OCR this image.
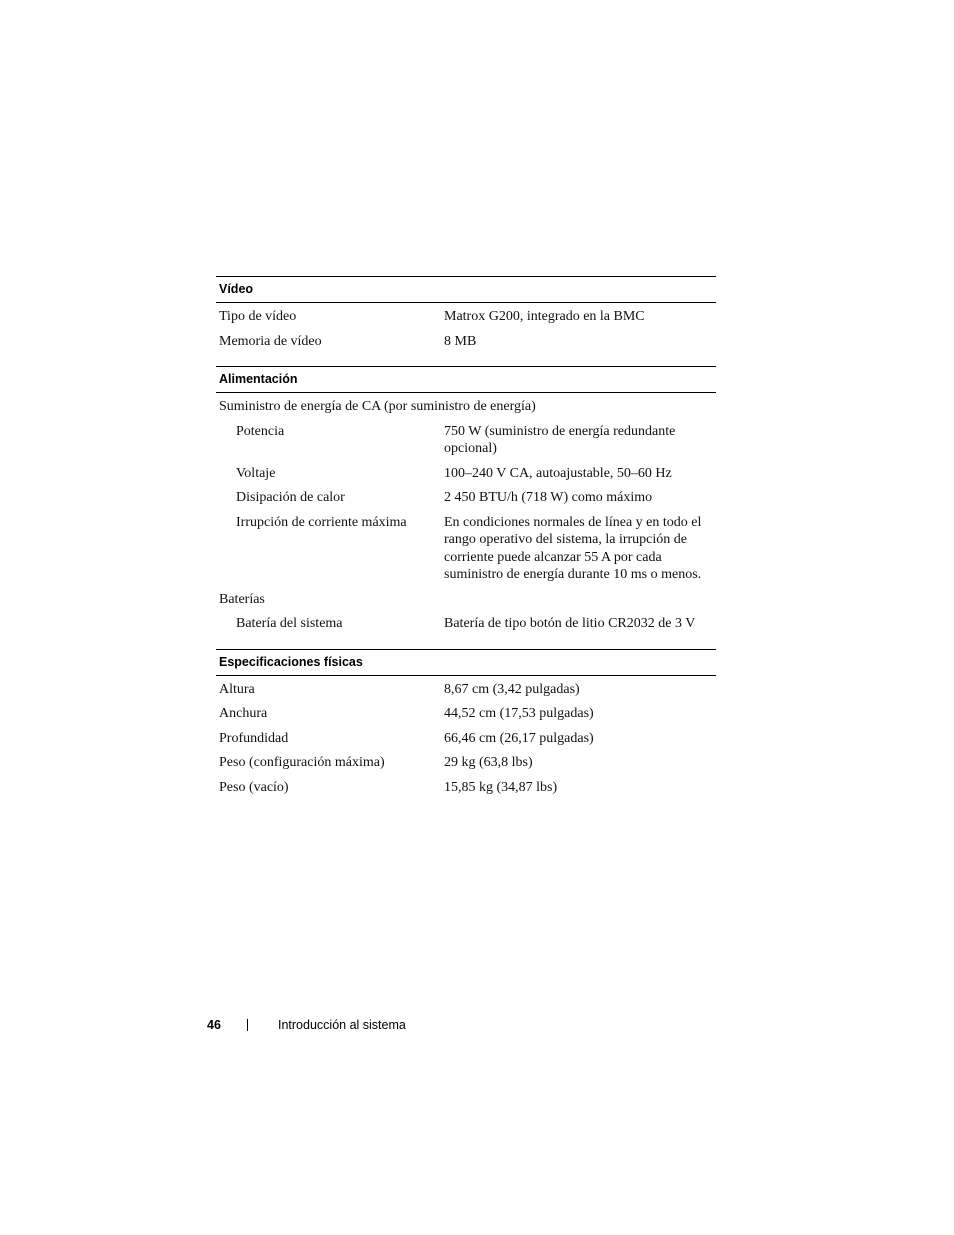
Vídeo
Tipo de vídeo	Matrox G200, integrado en la BMC
Memoria de vídeo	8 MB
Alimentación
Suministro de energía de CA (por suministro de energía)
Potencia	750 W (suministro de energía redundante opcional)
Voltaje	100–240 V CA, autoajustable, 50–60 Hz
Disipación de calor	2 450 BTU/h (718 W) como máximo
Irrupción de corriente máxima	En condiciones normales de línea y en todo el rango operativo del sistema, la irrupción de corriente puede alcanzar 55 A por cada suministro de energía durante 10 ms o menos.
Baterías
Batería del sistema	Batería de tipo botón de litio CR2032 de 3 V
Especificaciones físicas
Altura	8,67 cm (3,42 pulgadas)
Anchura	44,52 cm (17,53 pulgadas)
Profundidad	66,46 cm (26,17 pulgadas)
Peso (configuración máxima)	29 kg (63,8 lbs)
Peso (vacío)	15,85 kg (34,87 lbs)
46	Introducción al sistema
